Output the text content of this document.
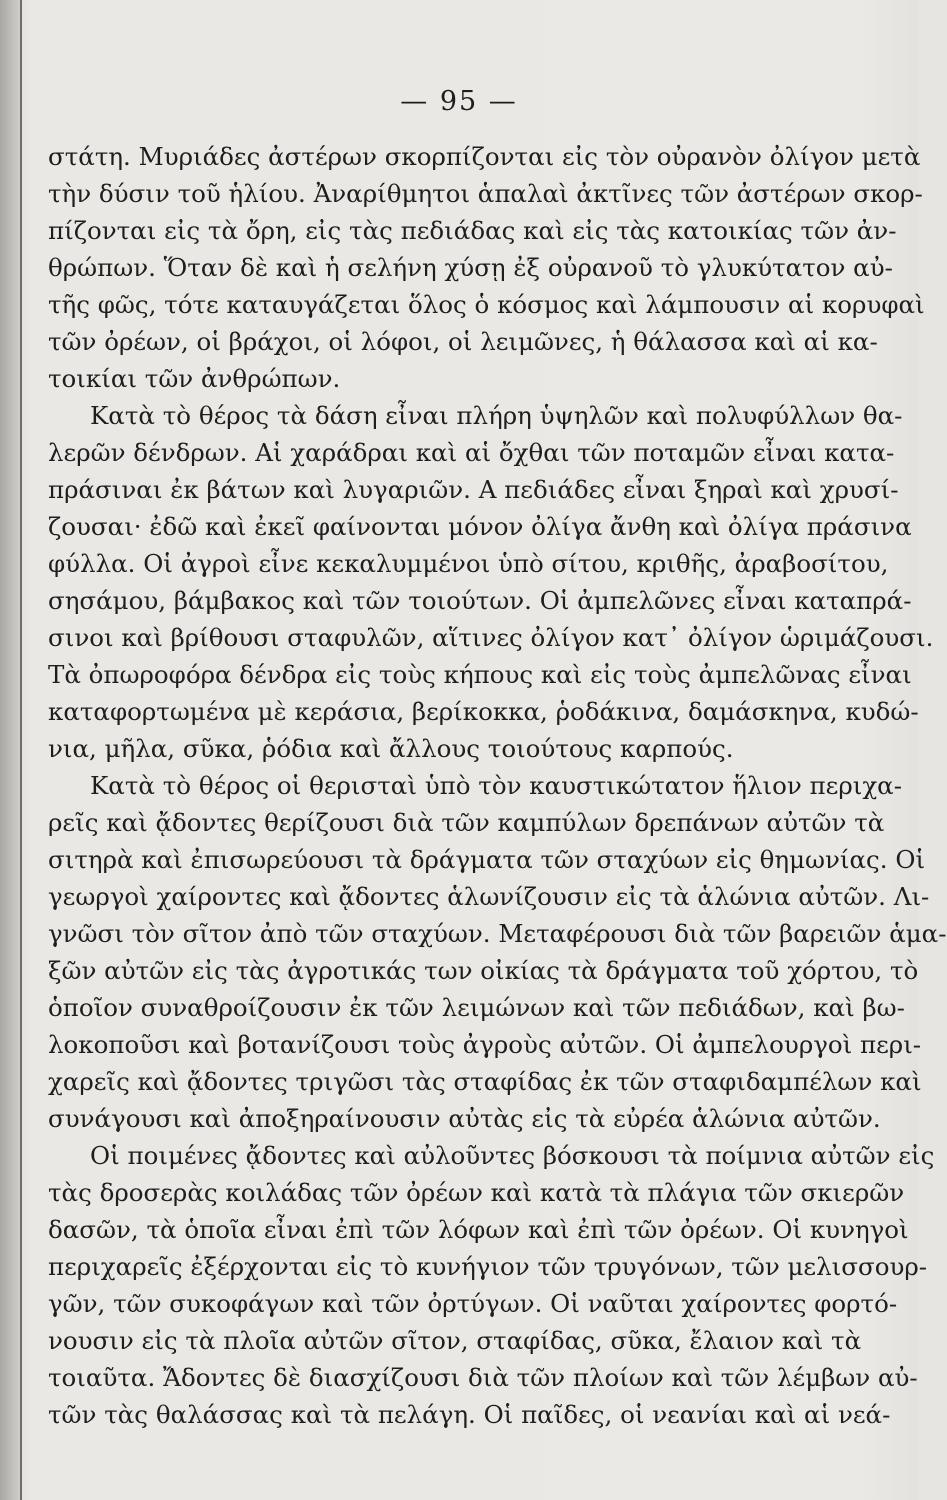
— 95 —
στάτη. Μυριάδες ἀστέρων σκορπίζονται εἰς τὸν οὐρανὸν ὀλίγον μετὰ
τὴν δύσιν τοῦ ἡλίου. Ἀναρίθμητοι ἁπαλαὶ ἀκτῖνες τῶν ἀστέρων σκορ-
πίζονται εἰς τὰ ὄρη, εἰς τὰς πεδιάδας καὶ εἰς τὰς κατοικίας τῶν ἀν-
θρώπων. Ὅταν δὲ καὶ ἡ σελήνη χύσῃ ἐξ οὐρανοῦ τὸ γλυκύτατον αὐ-
τῆς φῶς, τότε καταυγάζεται ὅλος ὁ κόσμος καὶ λάμπουσιν αἱ κορυφαὶ
τῶν ὀρέων, οἱ βράχοι, οἱ λόφοι, οἱ λειμῶνες, ἡ θάλασσα καὶ αἱ κα-
τοικίαι τῶν ἀνθρώπων.
Κατὰ τὸ θέρος τὰ δάση εἶναι πλήρη ὑψηλῶν καὶ πολυφύλλων θα-
λερῶν δένδρων. Αἱ χαράδραι καὶ αἱ ὄχθαι τῶν ποταμῶν εἶναι κατα-
πράσιναι ἐκ βάτων καὶ λυγαριῶν. Α πεδιάδες εἶναι ξηραὶ καὶ χρυσί-
ζουσαι· ἐδῶ καὶ ἐκεῖ φαίνονται μόνον ὀλίγα ἄνθη καὶ ὀλίγα πράσινα
φύλλα. Οἱ ἀγροὶ εἶνε κεκαλυμμένοι ὑπὸ σίτου, κριθῆς, ἀραβοσίτου,
σησάμου, βάμβακος καὶ τῶν τοιούτων. Οἱ ἀμπελῶνες εἶναι καταπρά-
σινοι καὶ βρίθουσι σταφυλῶν, αἵτινες ὀλίγον κατ᾽ ὀλίγον ὡριμάζουσι.
Τὰ ὀπωροφόρα δένδρα εἰς τοὺς κήπους καὶ εἰς τοὺς ἀμπελῶνας εἶναι
καταφορτωμένα μὲ κεράσια, βερίκοκκα, ῥοδάκινα, δαμάσκηνα, κυδώ-
νια, μῆλα, σῦκα, ῥόδια καὶ ἄλλους τοιούτους καρπούς.
Κατὰ τὸ θέρος οἱ θερισταὶ ὑπὸ τὸν καυστικώτατον ἥλιον περιχα-
ρεῖς καὶ ᾄδοντες θερίζουσι διὰ τῶν καμπύλων δρεπάνων αὐτῶν τὰ
σιτηρὰ καὶ ἐπισωρεύουσι τὰ δράγματα τῶν σταχύων εἰς θημωνίας. Οἱ
γεωργοὶ χαίροντες καὶ ᾄδοντες ἁλωνίζουσιν εἰς τὰ ἁλώνια αὐτῶν. Λι-
γνῶσι τὸν σῖτον ἀπὸ τῶν σταχύων. Μεταφέρουσι διὰ τῶν βαρειῶν ἁμα-
ξῶν αὐτῶν εἰς τὰς ἀγροτικάς των οἰκίας τὰ δράγματα τοῦ χόρτου, τὸ
ὁποῖον συναθροίζουσιν ἐκ τῶν λειμώνων καὶ τῶν πεδιάδων, καὶ βω-
λοκοποῦσι καὶ βοτανίζουσι τοὺς ἀγροὺς αὐτῶν. Οἱ ἀμπελουργοὶ περι-
χαρεῖς καὶ ᾄδοντες τριγῶσι τὰς σταφίδας ἐκ τῶν σταφιδαμπέλων καὶ
συνάγουσι καὶ ἀποξηραίνουσιν αὐτὰς εἰς τὰ εὐρέα ἁλώνια αὐτῶν.
Οἱ ποιμένες ᾄδοντες καὶ αὐλοῦντες βόσκουσι τὰ ποίμνια αὐτῶν εἰς
τὰς δροσερὰς κοιλάδας τῶν ὀρέων καὶ κατὰ τὰ πλάγια τῶν σκιερῶν
δασῶν, τὰ ὁποῖα εἶναι ἐπὶ τῶν λόφων καὶ ἐπὶ τῶν ὀρέων. Οἱ κυνηγοὶ
περιχαρεῖς ἐξέρχονται εἰς τὸ κυνήγιον τῶν τρυγόνων, τῶν μελισσουρ-
γῶν, τῶν συκοφάγων καὶ τῶν ὀρτύγων. Οἱ ναῦται χαίροντες φορτό-
νουσιν εἰς τὰ πλοῖα αὐτῶν σῖτον, σταφίδας, σῦκα, ἔλαιον καὶ τὰ
τοιαῦτα. Ἄδοντες δὲ διασχίζουσι διὰ τῶν πλοίων καὶ τῶν λέμβων αὐ-
τῶν τὰς θαλάσσας καὶ τὰ πελάγη. Οἱ παῖδες, οἱ νεανίαι καὶ αἱ νεά-
